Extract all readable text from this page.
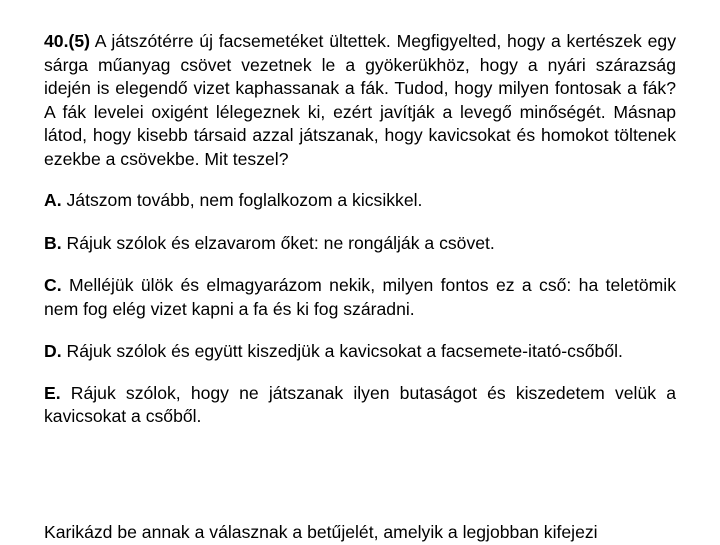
40.(5) A játszótérre új facsemetéket ültettek. Megfigyelted, hogy a kertészek egy sárga műanyag csövet vezetnek le a gyökerükhöz, hogy a nyári szárazság idején is elegendő vizet kaphassanak a fák. Tudod, hogy milyen fontosak a fák? A fák levelei oxigént lélegeznek ki, ezért javítják a levegő minőségét. Másnap látod, hogy kisebb társaid azzal játszanak, hogy kavicsokat és homokot töltenek ezekbe a csövekbe. Mit teszel?

A. Játszom tovább, nem foglalkozom a kicsikkel.

B. Rájuk szólok és elzavarom őket: ne rongálják a csövet.

C. Melléjük ülök és elmagyarázom nekik, milyen fontos ez a cső: ha teletömik nem fog elég vizet kapni a fa és ki fog száradni.

D. Rájuk szólok és együtt kiszedjük a kavicsokat a facsemete-itató-csőből.

E. Rájuk szólok, hogy ne játszanak ilyen butaságot és kiszedetem velük a kavicsokat a csőből.

Karikázd be annak a válasznak a betűjelét, amelyik a legjobban kifejezi
